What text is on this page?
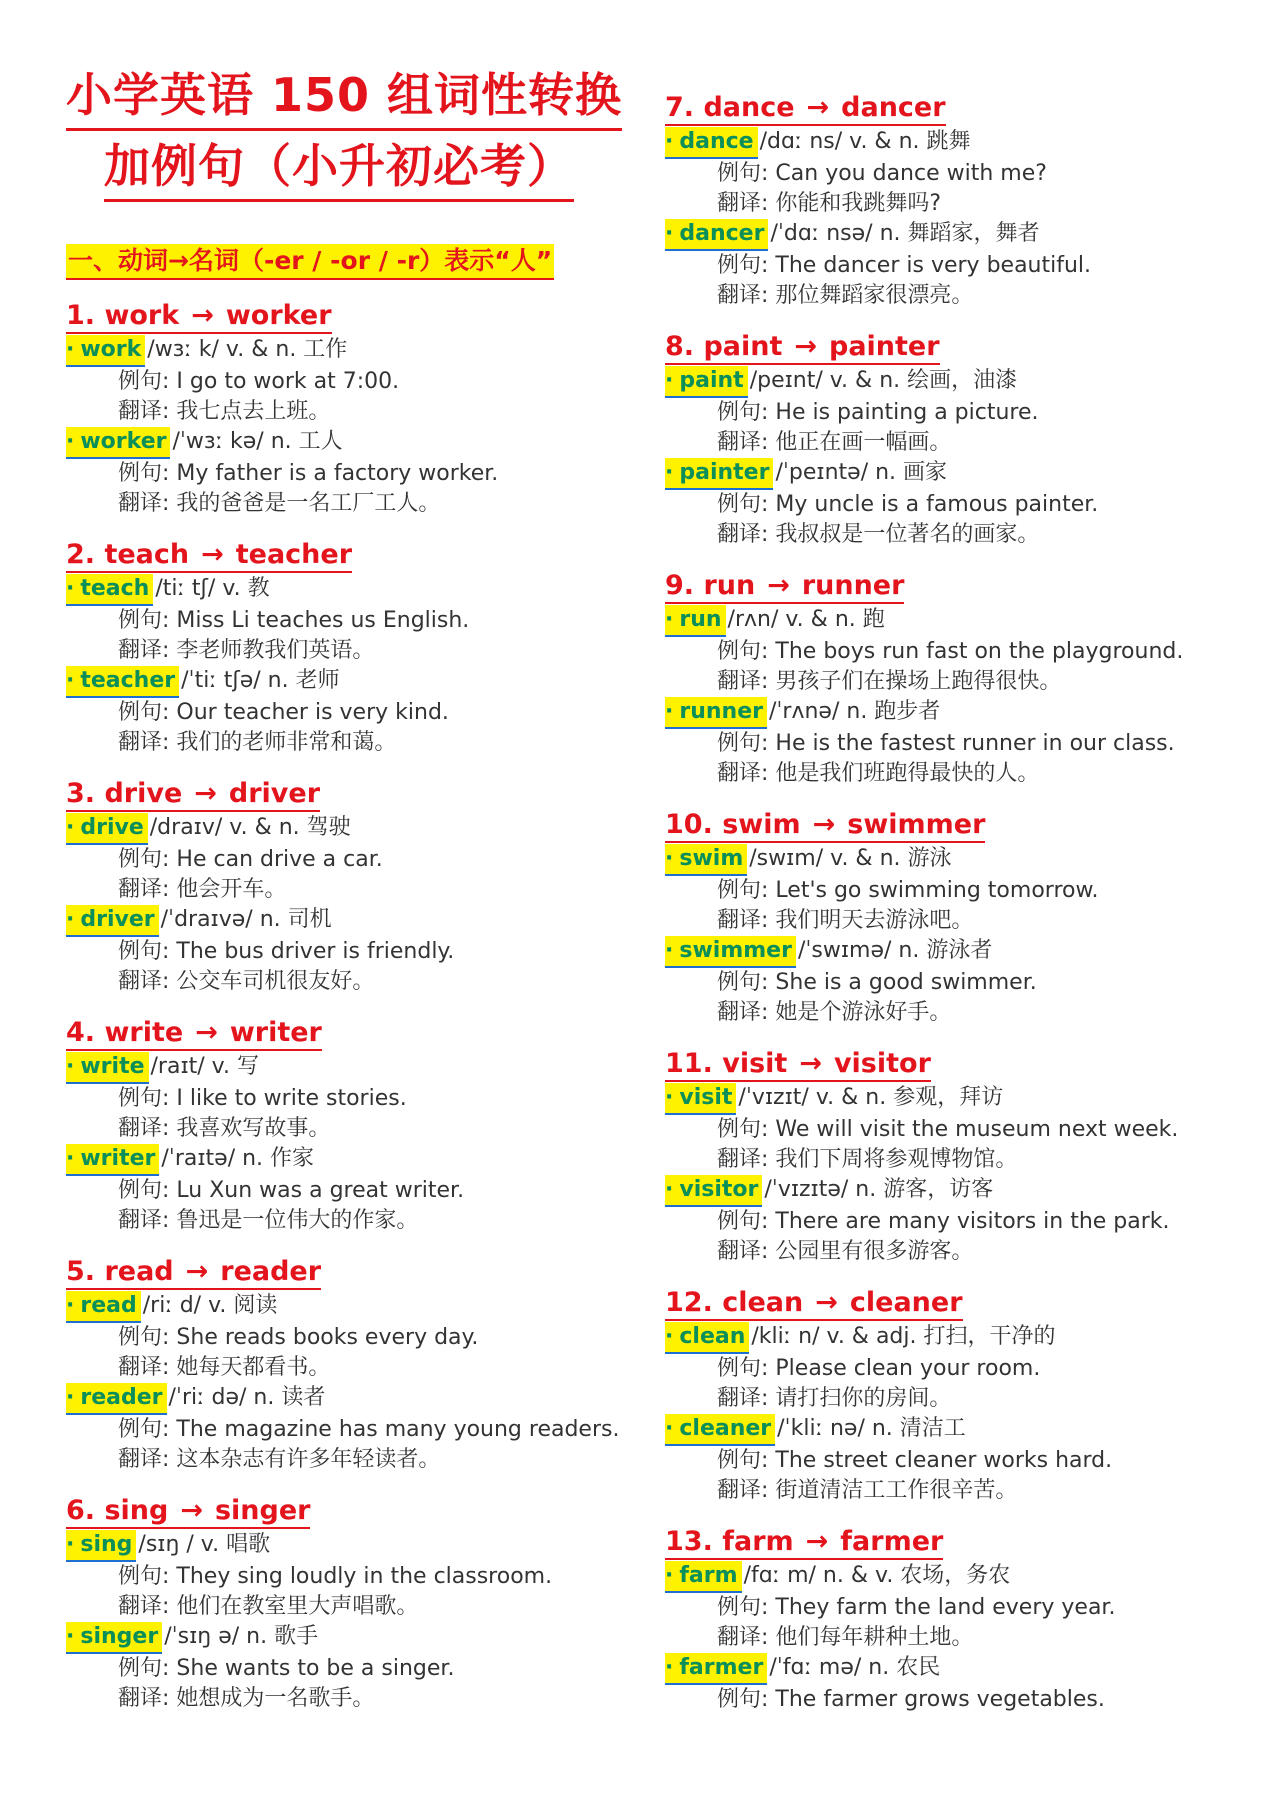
小学英语 150 组词性转换
加例句（小升初必考）
一、动词→名词（-er / -or / -r）表示“人”
1. work → worker
· work /wɜː k/ v. & n. 工作
例句: I go to work at 7:00.
翻译: 我七点去上班。
· worker /ˈwɜː kə/ n. 工人
例句: My father is a factory worker.
翻译: 我的爸爸是一名工厂工人。
2. teach → teacher
· teach /tiː tʃ/ v. 教
例句: Miss Li teaches us English.
翻译: 李老师教我们英语。
· teacher /ˈtiː tʃə/ n. 老师
例句: Our teacher is very kind.
翻译: 我们的老师非常和蔼。
3. drive → driver
· drive /draɪv/ v. & n. 驾驶
例句: He can drive a car.
翻译: 他会开车。
· driver /ˈdraɪvə/ n. 司机
例句: The bus driver is friendly.
翻译: 公交车司机很友好。
4. write → writer
· write /raɪt/ v. 写
例句: I like to write stories.
翻译: 我喜欢写故事。
· writer /ˈraɪtə/ n. 作家
例句: Lu Xun was a great writer.
翻译: 鲁迅是一位伟大的作家。
5. read → reader
· read /riː d/ v. 阅读
例句: She reads books every day.
翻译: 她每天都看书。
· reader /ˈriː də/ n. 读者
例句: The magazine has many young readers.
翻译: 这本杂志有许多年轻读者。
6. sing → singer
· sing /sɪŋ / v. 唱歌
例句: They sing loudly in the classroom.
翻译: 他们在教室里大声唱歌。
· singer /ˈsɪŋ ə/ n. 歌手
例句: She wants to be a singer.
翻译: 她想成为一名歌手。
7. dance → dancer
· dance /dɑː ns/ v. & n. 跳舞
例句: Can you dance with me?
翻译: 你能和我跳舞吗?
· dancer /ˈdɑː nsə/ n. 舞蹈家，舞者
例句: The dancer is very beautiful.
翻译: 那位舞蹈家很漂亮。
8. paint → painter
· paint /peɪnt/ v. & n. 绘画，油漆
例句: He is painting a picture.
翻译: 他正在画一幅画。
· painter /ˈpeɪntə/ n. 画家
例句: My uncle is a famous painter.
翻译: 我叔叔是一位著名的画家。
9. run → runner
· run /rʌn/ v. & n. 跑
例句: The boys run fast on the playground.
翻译: 男孩子们在操场上跑得很快。
· runner /ˈrʌnə/ n. 跑步者
例句: He is the fastest runner in our class.
翻译: 他是我们班跑得最快的人。
10. swim → swimmer
· swim /swɪm/ v. & n. 游泳
例句: Let's go swimming tomorrow.
翻译: 我们明天去游泳吧。
· swimmer /ˈswɪmə/ n. 游泳者
例句: She is a good swimmer.
翻译: 她是个游泳好手。
11. visit → visitor
· visit /ˈvɪzɪt/ v. & n. 参观，拜访
例句: We will visit the museum next week.
翻译: 我们下周将参观博物馆。
· visitor /ˈvɪzɪtə/ n. 游客，访客
例句: There are many visitors in the park.
翻译: 公园里有很多游客。
12. clean → cleaner
· clean /kliː n/ v. & adj. 打扫，干净的
例句: Please clean your room.
翻译: 请打扫你的房间。
· cleaner /ˈkliː nə/ n. 清洁工
例句: The street cleaner works hard.
翻译: 街道清洁工工作很辛苦。
13. farm → farmer
· farm /fɑː m/ n. & v. 农场，务农
例句: They farm the land every year.
翻译: 他们每年耕种土地。
· farmer /ˈfɑː mə/ n. 农民
例句: The farmer grows vegetables.
